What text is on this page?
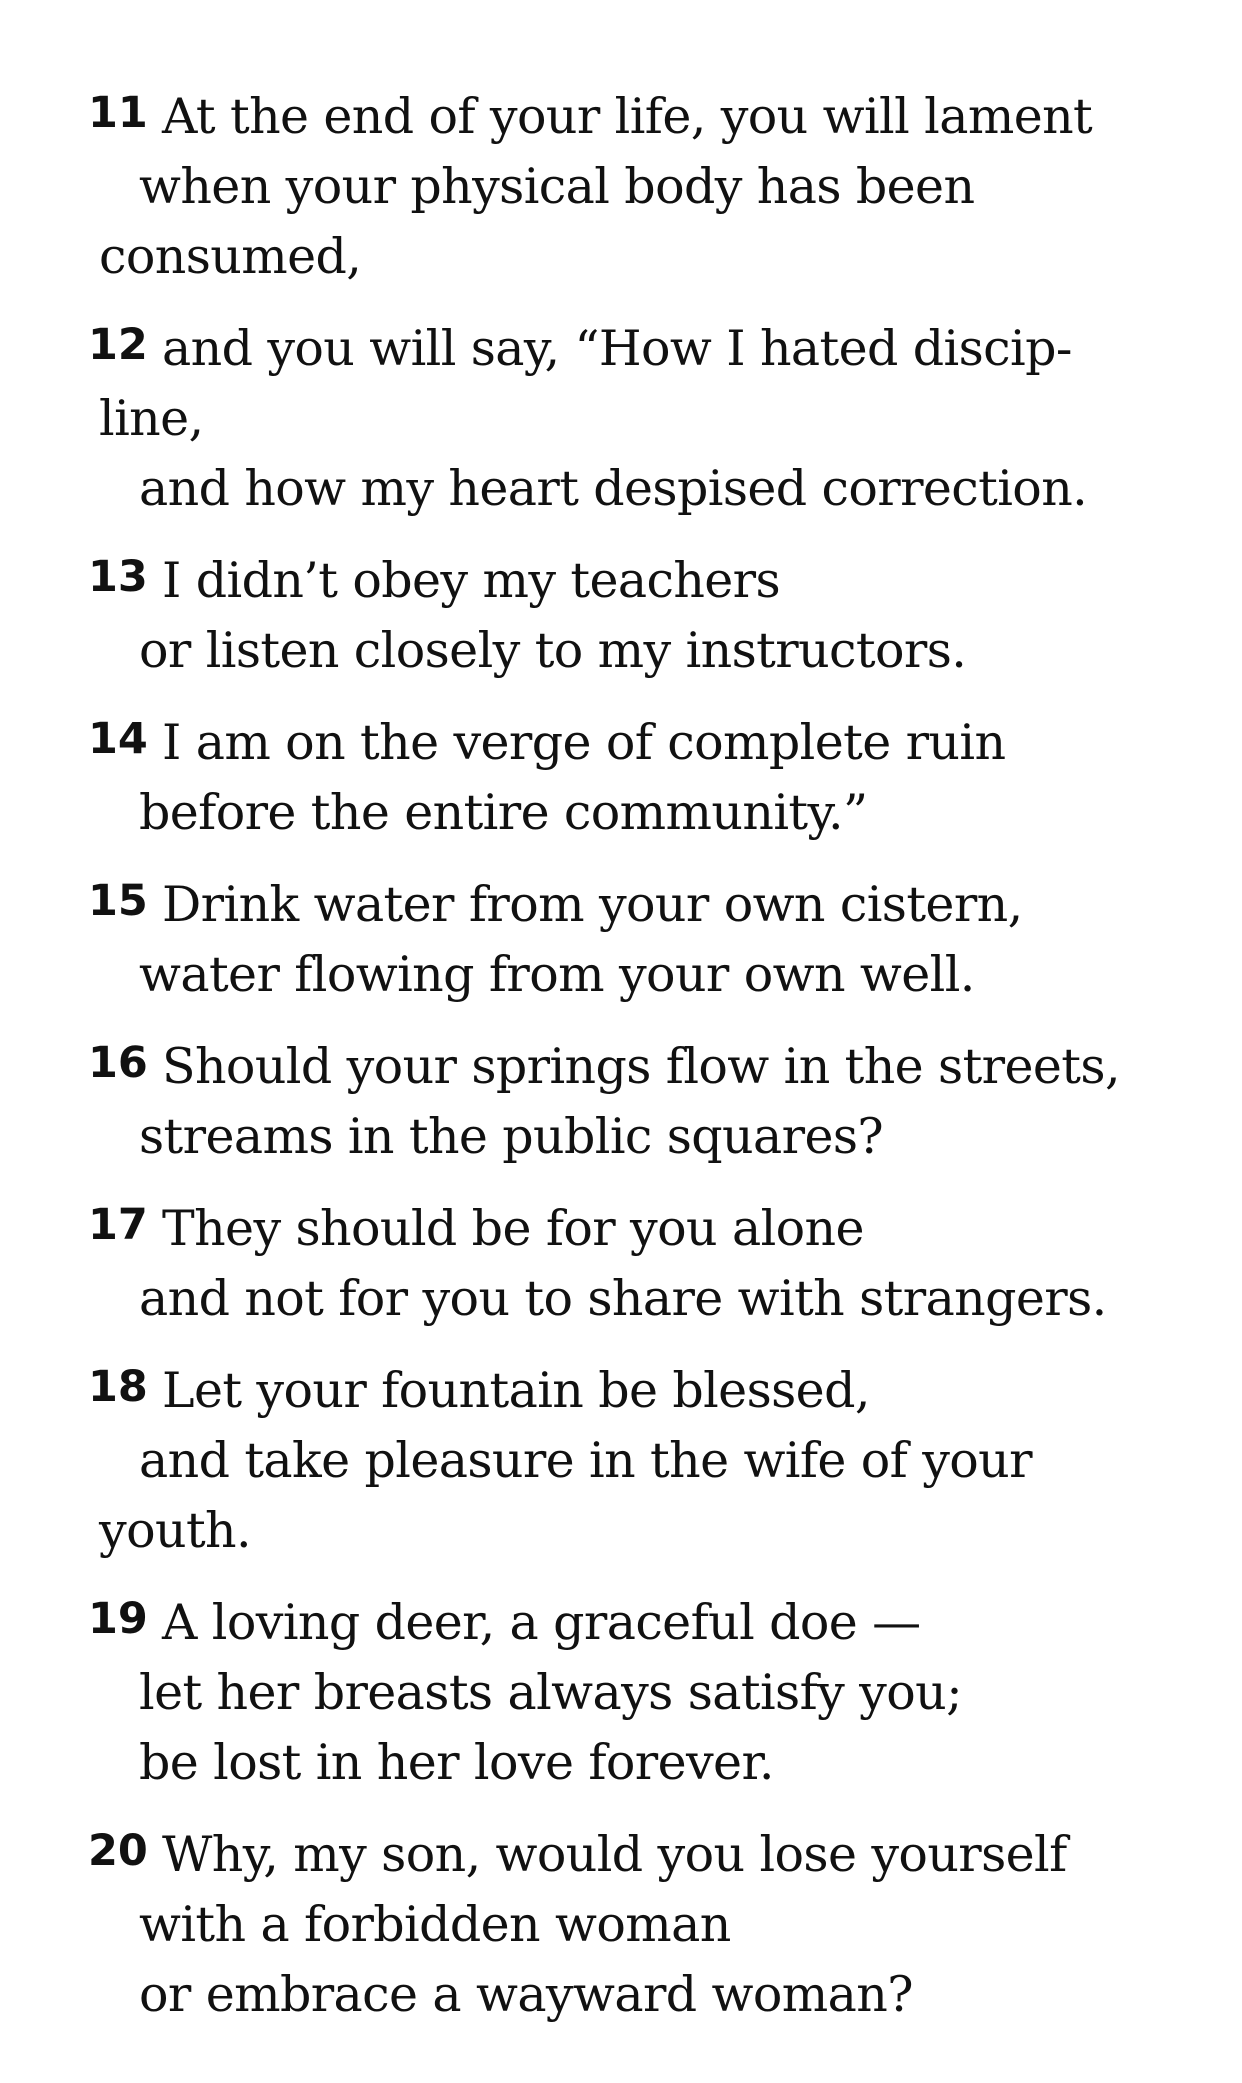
11 At the end of your life, you will lament
when your physical body has been
consumed,
12 and you will say, “How I hated discip-
line,
and how my heart despised correction.
13 I didn’t obey my teachers
or listen closely to my instructors.
14 I am on the verge of complete ruin
before the entire community.”
15 Drink water from your own cistern,
water flowing from your own well.
16 Should your springs flow in the streets,
streams in the public squares?
17 They should be for you alone
and not for you to share with strangers.
18 Let your fountain be blessed,
and take pleasure in the wife of your
youth.
19 A loving deer, a graceful doe —
let her breasts always satisfy you;
be lost in her love forever.
20 Why, my son, would you lose yourself
with a forbidden woman
or embrace a wayward woman?
